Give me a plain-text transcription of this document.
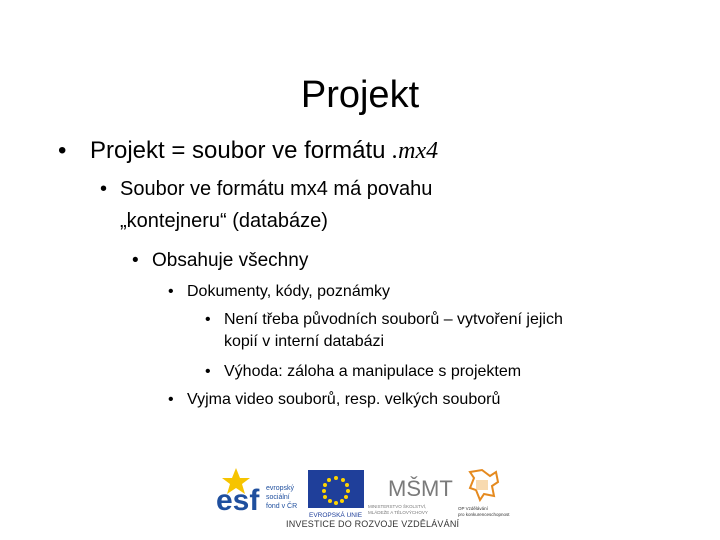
Projekt
• Projekt = soubor ve formátu .mx4
• Soubor ve formátu mx4 má povahu
„kontejneru“ (databáze)
• Obsahuje všechny
• Dokumenty, kódy, poznámky
• Není třeba původních souborů – vytvoření jejich
kopií v interní databázi
• Výhoda: záloha a manipulace s projektem
• Vyjma video souborů, resp. velkých souborů
esf evropský
sociální
fond v ČR
EVROPSKÁ UNIE
MŠMT
MINISTERSTVO ŠKOLSTVÍ,
MLÁDEŽE A TĚLOVÝCHOVY
OP Vzdělávání
pro konkurenceschopnost
INVESTICE DO ROZVOJE VZDĚLÁVÁNÍ
